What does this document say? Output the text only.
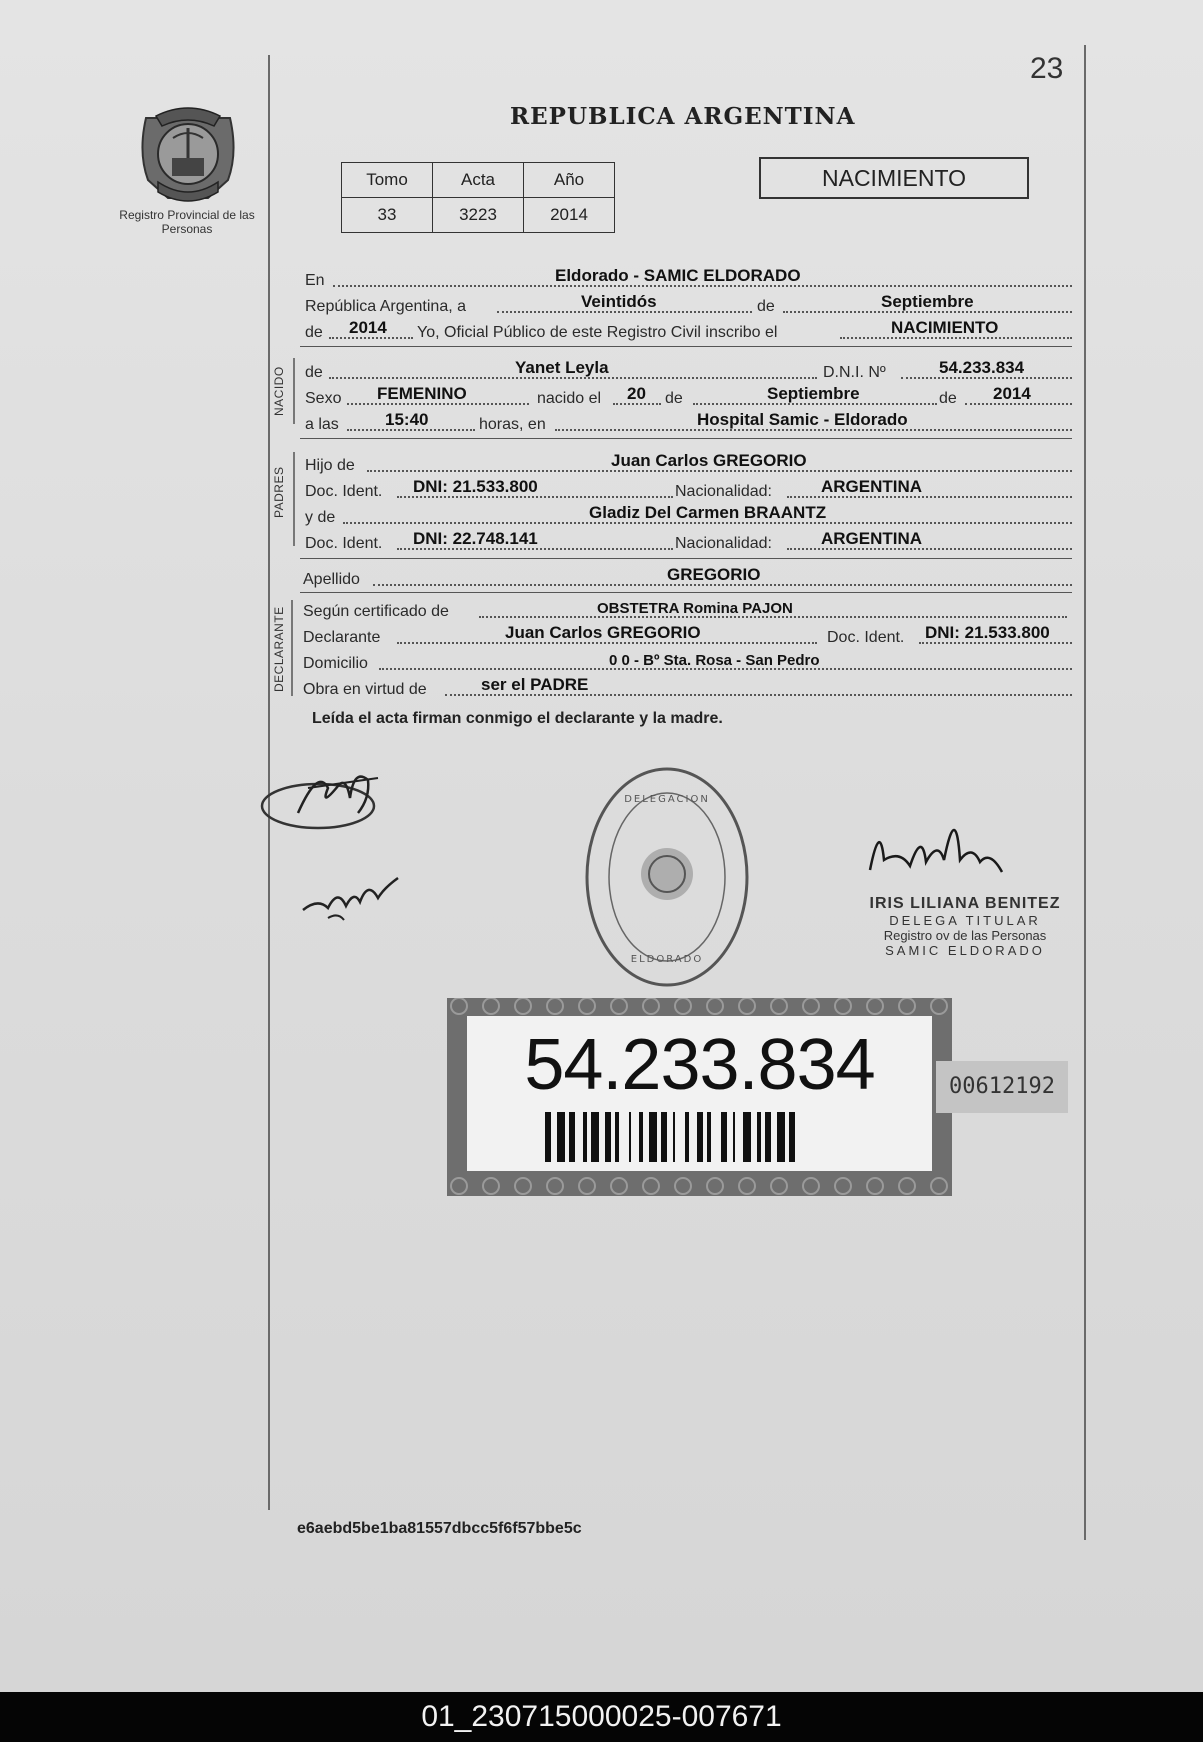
23
Registro Provincial de las Personas
REPUBLICA ARGENTINA
Tomo	Acta	Año
33	3223	2014
NACIMIENTO
En	Eldorado - SAMIC ELDORADO
República Argentina, a	Veintidós	de	Septiembre
de 2014 Yo, Oficial Público de este Registro Civil inscribo el	NACIMIENTO
NACIDO de	Yanet Leyla	D.N.I. Nº	54.233.834
Sexo FEMENINO	nacido el 20 de	Septiembre	de 2014
a las	15:40	horas, en	Hospital Samic - Eldorado
PADRES
Hijo de	Juan Carlos GREGORIO
Doc. Ident. DNI: 21.533.800	Nacionalidad:	ARGENTINA
y de	Gladiz Del Carmen BRAANTZ
Doc. Ident. DNI: 22.748.141	Nacionalidad:	ARGENTINA
Apellido	GREGORIO
DECLARANTE Según certificado de	OBSTETRA Romina PAJON
Declarante	Juan Carlos GREGORIO	Doc. Ident. DNI: 21.533.800
Domicilio	0 0 - Bº Sta. Rosa - San Pedro
Obra en virtud de	ser el PADRE
Leída el acta firman conmigo el declarante y la madre.
IRIS LILIANA BENITEZ
DELEGA TITULAR
Registro ov de las Personas
SAMIC ELDORADO
DELEGACION
ELDORADO
54.233.834	00612192
e6aebd5be1ba81557dbcc5f6f57bbe5c
01_230715000025-007671
